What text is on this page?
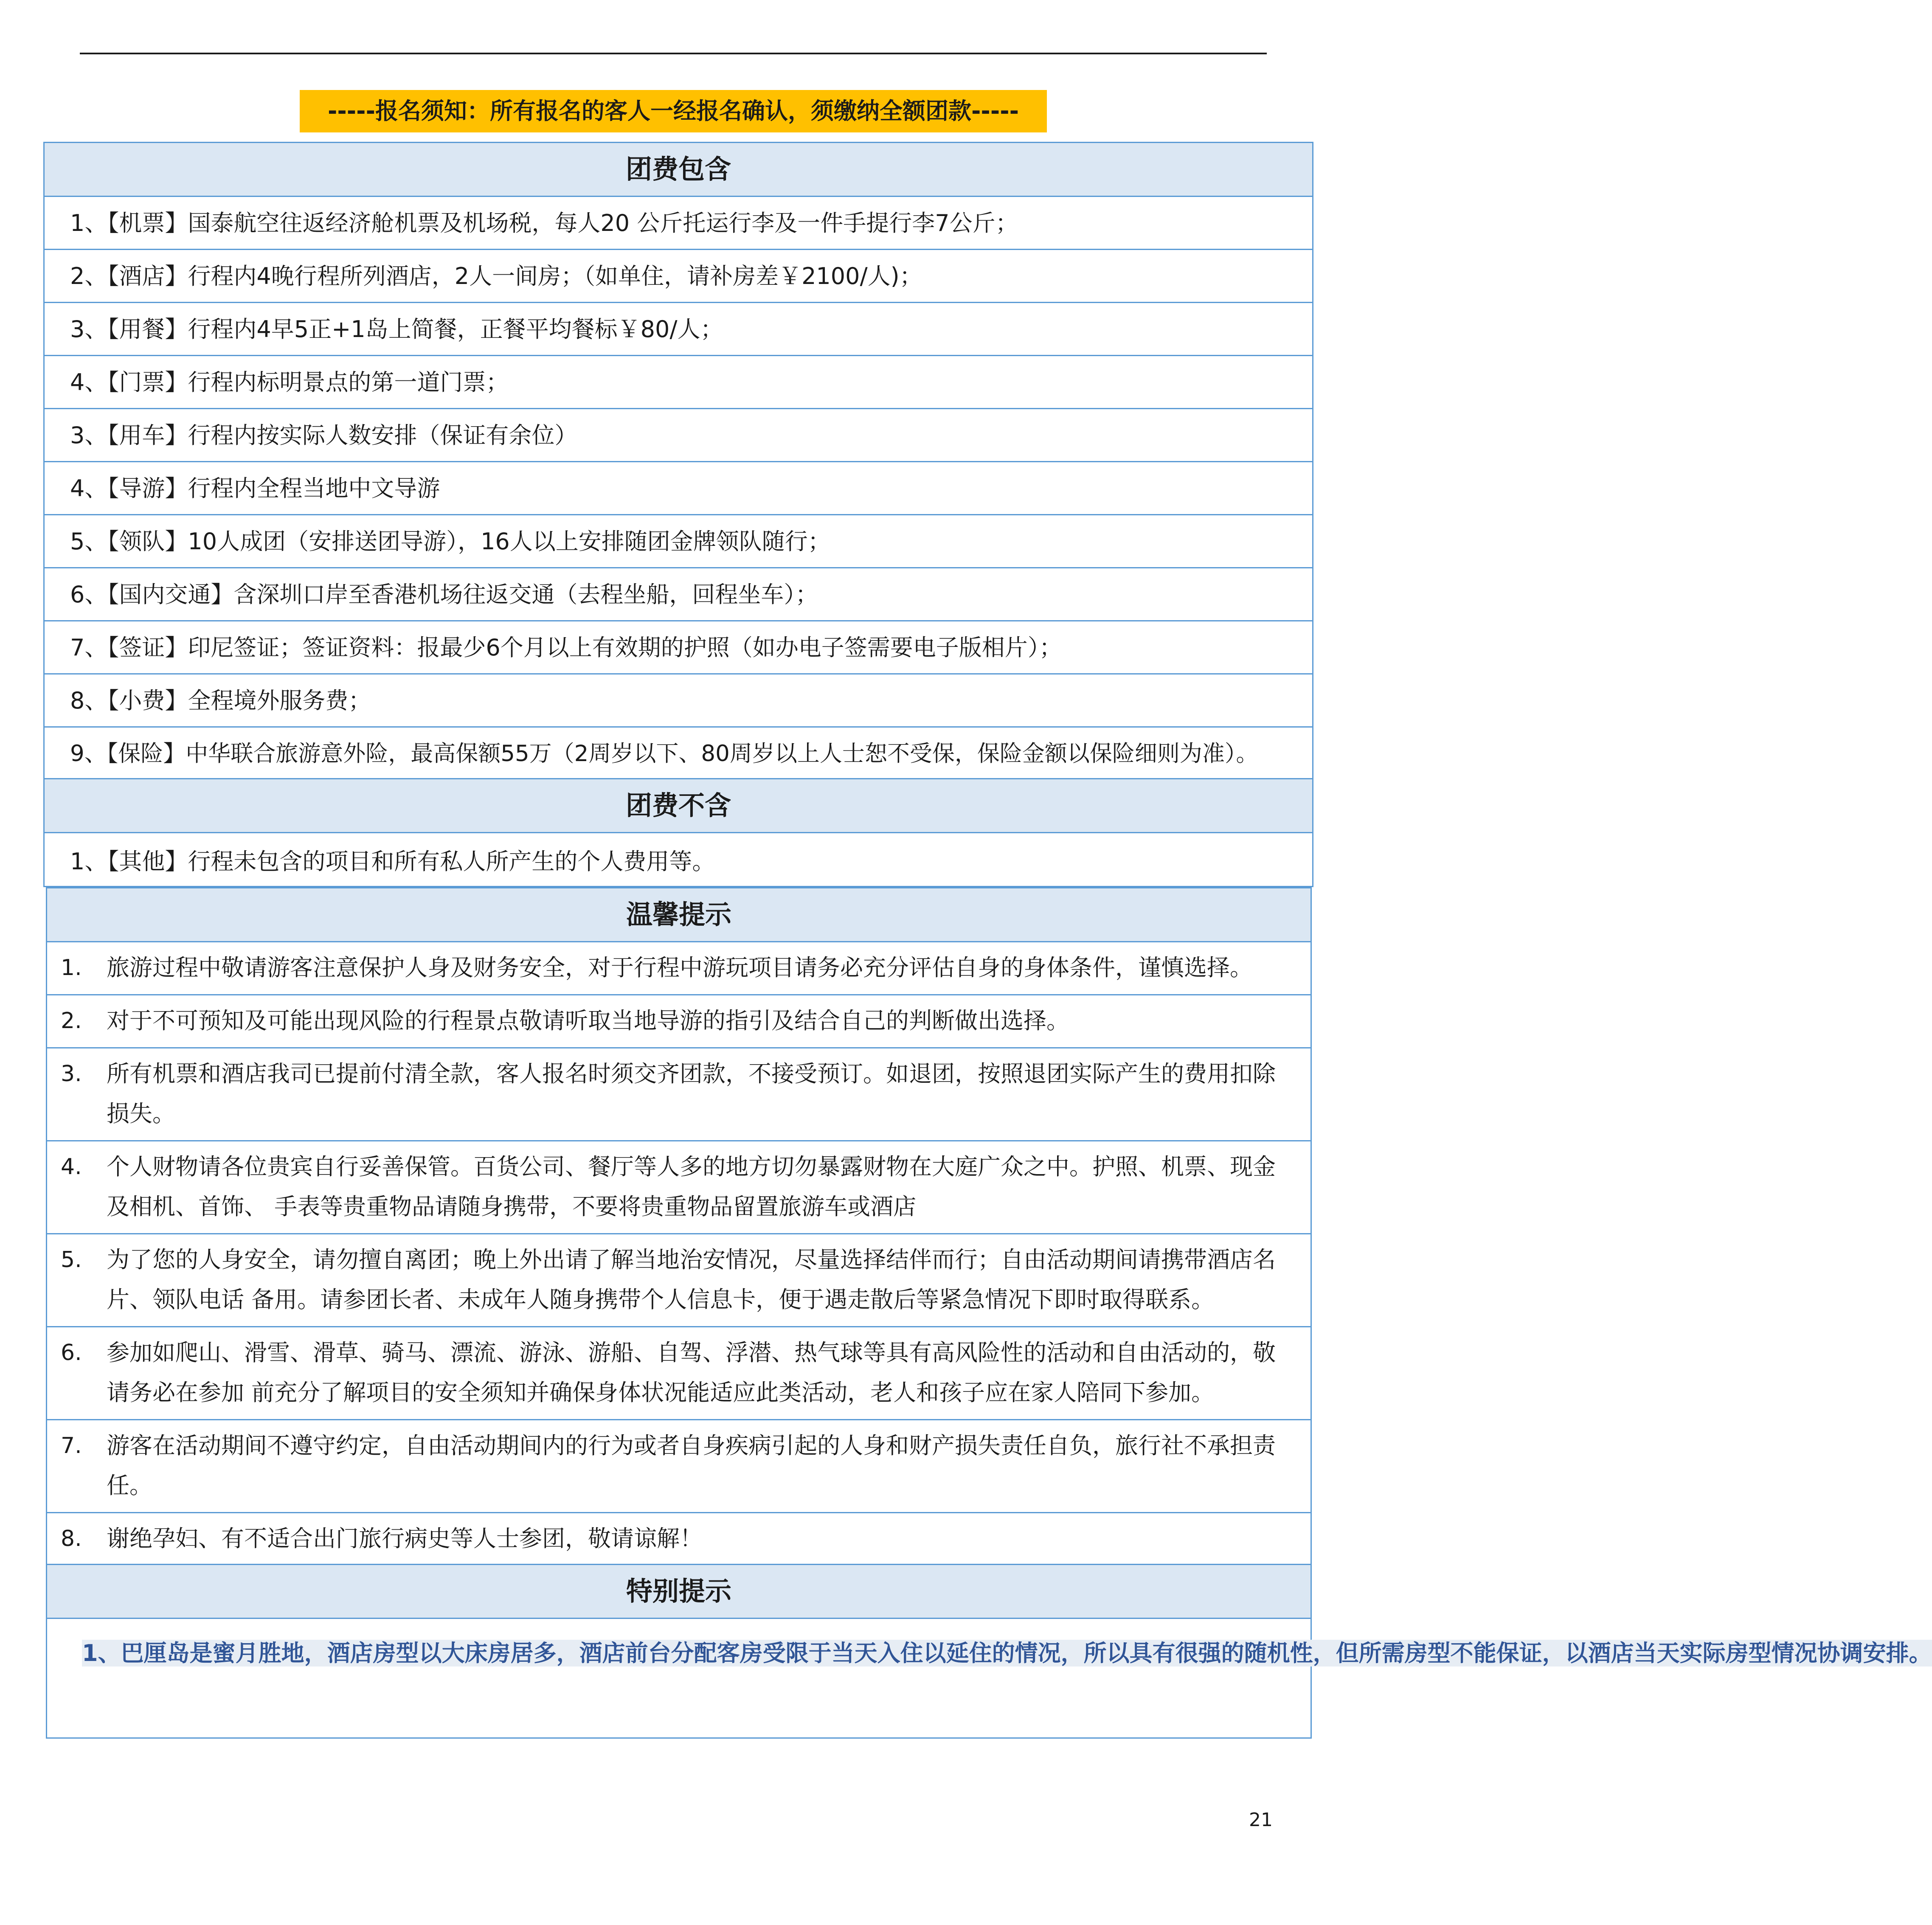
-----报名须知：所有报名的客人一经报名确认，须缴纳全额团款-----
团费包含
1、【机票】国泰航空往返经济舱机票及机场税，每人20 公斤托运行李及一件手提行李7公斤；
2、【酒店】行程内4晚行程所列酒店，2人一间房；（如单住，请补房差￥2100/人)；
3、【用餐】行程内4早5正+1岛上简餐，正餐平均餐标￥80/人；
4、【门票】行程内标明景点的第一道门票；
3、【用车】行程内按实际人数安排（保证有余位）
4、【导游】行程内全程当地中文导游
5、【领队】10人成团（安排送团导游），16人以上安排随团金牌领队随行；
6、【国内交通】含深圳口岸至香港机场往返交通（去程坐船，回程坐车）；
7、【签证】印尼签证；签证资料：报最少6个月以上有效期的护照（如办电子签需要电子版相片）；
8、【小费】全程境外服务费；
9、【保险】中华联合旅游意外险，最高保额55万（2周岁以下、80周岁以上人士恕不受保，保险金额以保险细则为准）。
团费不含
1、【其他】行程未包含的项目和所有私人所产生的个人费用等。
温馨提示
1. 旅游过程中敬请游客注意保护人身及财务安全，对于行程中游玩项目请务必充分评估自身的身体条件，谨慎选择。
2. 对于不可预知及可能出现风险的行程景点敬请听取当地导游的指引及结合自己的判断做出选择。
3. 所有机票和酒店我司已提前付清全款，客人报名时须交齐团款，不接受预订。如退团，按照退团实际产生的费用扣除损失。
4. 个人财物请各位贵宾自行妥善保管。百货公司、餐厅等人多的地方切勿暴露财物在大庭广众之中。护照、机票、现金及相机、首饰、 手表等贵重物品请随身携带，不要将贵重物品留置旅游车或酒店
5. 为了您的人身安全，请勿擅自离团；晚上外出请了解当地治安情况，尽量选择结伴而行；自由活动期间请携带酒店名片、领队电话 备用。请参团长者、未成年人随身携带个人信息卡，便于遇走散后等紧急情况下即时取得联系。
6. 参加如爬山、滑雪、滑草、骑马、漂流、游泳、游船、自驾、浮潜、热气球等具有高风险性的活动和自由活动的，敬请务必在参加 前充分了解项目的安全须知并确保身体状况能适应此类活动，老人和孩子应在家人陪同下参加。
7. 游客在活动期间不遵守约定，自由活动期间内的行为或者自身疾病引起的人身和财产损失责任自负，旅行社不承担责任。
8. 谢绝孕妇、有不适合出门旅行病史等人士参团，敬请谅解！
特别提示
1、巴厘岛是蜜月胜地，酒店房型以大床房居多，酒店前台分配客房受限于当天入住以延住的情况，所以具有很强的随机性，但所需房型不能保证，以酒店当天实际房型情况协调安排。
21
